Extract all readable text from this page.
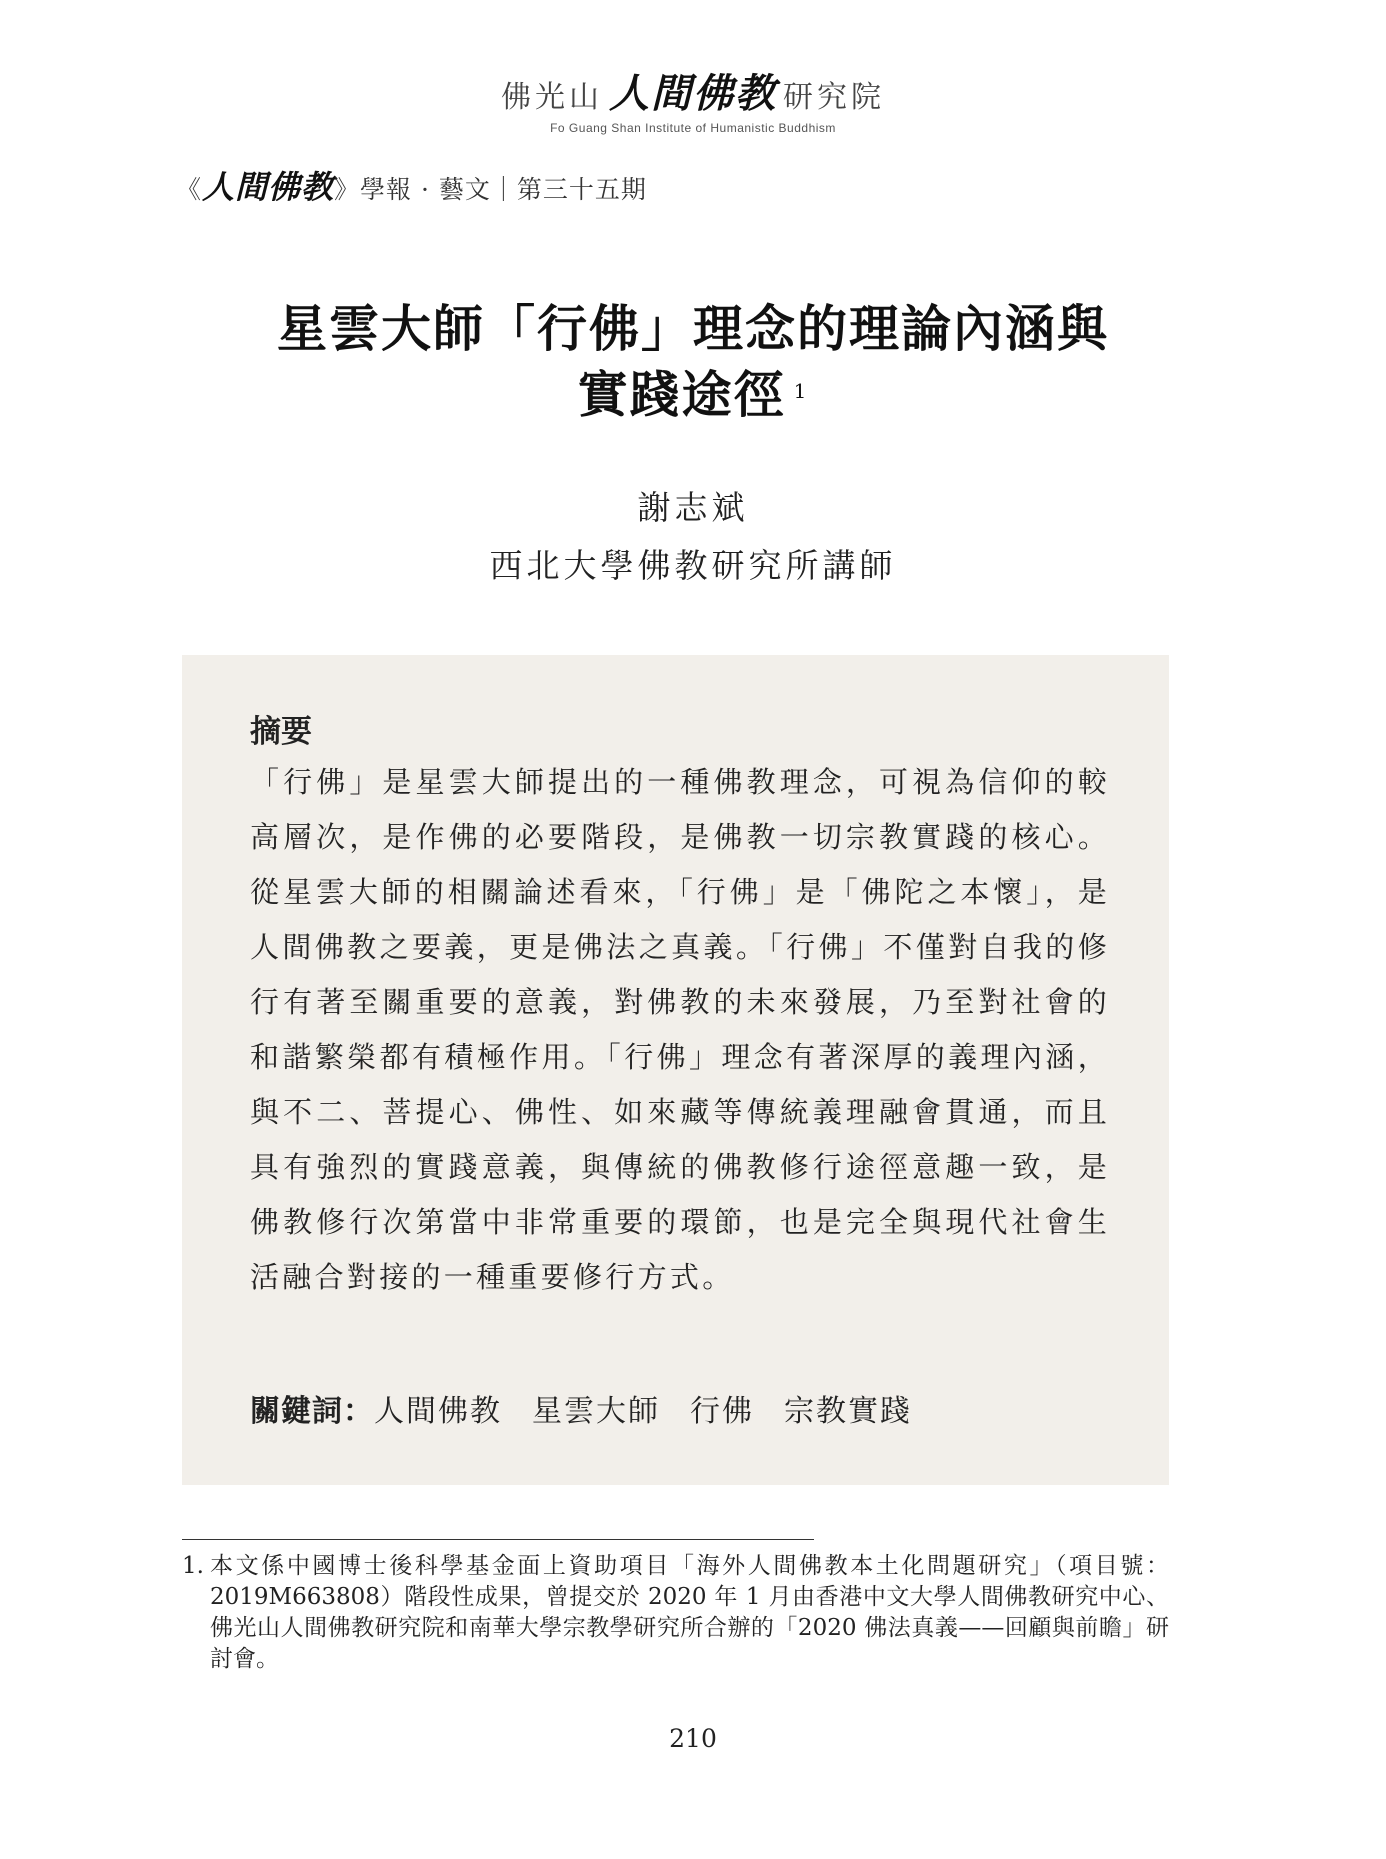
佛光山 人間佛教 研究院
Fo Guang Shan Institute of Humanistic Buddhism
《人間佛教》學報 · 藝文｜第三十五期
星雲大師「行佛」理念的理論內涵與
實踐途徑 $^1$
謝志斌
西北大學佛教研究所講師
摘要
「行佛」是星雲大師提出的一種佛教理念，可視為信仰的較高層次，是作佛的必要階段，是佛教一切宗教實踐的核心。從星雲大師的相關論述看來，「行佛」是「佛陀之本懷」，是人間佛教之要義，更是佛法之真義。「行佛」不僅對自我的修行有著至關重要的意義，對佛教的未來發展，乃至對社會的和諧繁榮都有積極作用。「行佛」理念有著深厚的義理內涵，與不二、菩提心、佛性、如來藏等傳統義理融會貫通，而且具有強烈的實踐意義，與傳統的佛教修行途徑意趣一致，是佛教修行次第當中非常重要的環節，也是完全與現代社會生活融合對接的一種重要修行方式。
關鍵詞：人間佛教 星雲大師 行佛 宗教實踐
1. 本文係中國博士後科學基金面上資助項目「海外人間佛教本土化問題研究」（項目號：2019M663808）階段性成果，曾提交於 2020 年 1 月由香港中文大學人間佛教研究中心、佛光山人間佛教研究院和南華大學宗教學研究所合辦的「2020 佛法真義——回顧與前瞻」研討會。
210
